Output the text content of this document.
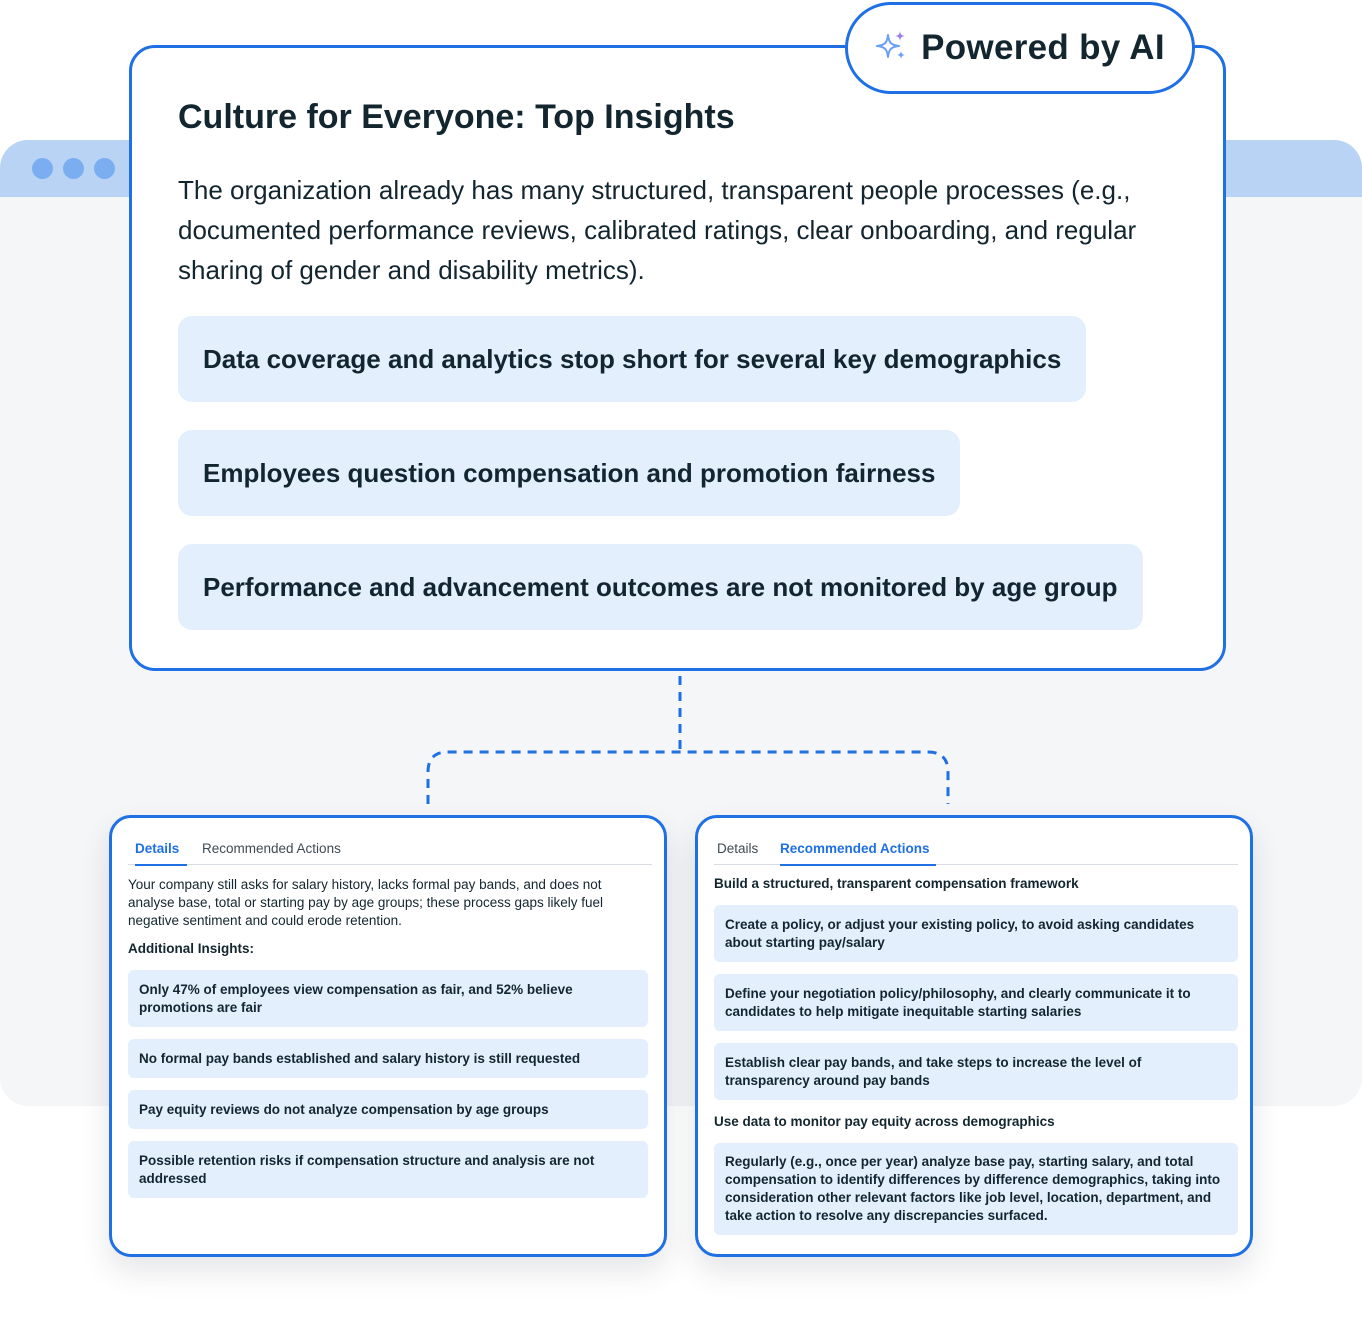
Culture for Everyone: Top Insights

The organization already has many structured, transparent people processes (e.g., documented performance reviews, calibrated ratings, clear onboarding, and regular sharing of gender and disability metrics).

Data coverage and analytics stop short for several key demographics
Employees question compensation and promotion fairness
Performance and advancement outcomes are not monitored by age group
Powered by AI
Details	Recommended Actions

Your company still asks for salary history, lacks formal pay bands, and does not analyse base, total or starting pay by age groups; these process gaps likely fuel negative sentiment and could erode retention.

Additional Insights:

Only 47% of employees view compensation as fair, and 52% believe promotions are fair
No formal pay bands established and salary history is still requested
Pay equity reviews do not analyze compensation by age groups
Possible retention risks if compensation structure and analysis are not addressed
Details Recommended Actions

Build a structured, transparent compensation framework

Create a policy, or adjust your existing policy, to avoid asking candidates about starting pay/salary
Define your negotiation policy/philosophy, and clearly communicate it to candidates to help mitigate inequitable starting salaries
Establish clear pay bands, and take steps to increase the level of transparency around pay bands

Use data to monitor pay equity across demographics

Regularly (e.g., once per year) analyze base pay, starting salary, and total compensation to identify differences by difference demographics, taking into consideration other relevant factors like job level, location, department, and take action to resolve any discrepancies surfaced.
